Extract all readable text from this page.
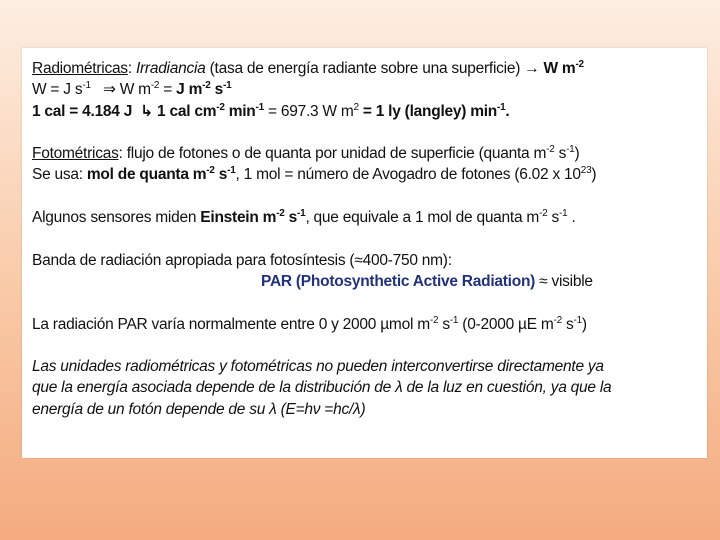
Radiométricas: Irradiancia (tasa de energía radiante sobre una superficie) → W $m^{-2}$
W = J $s^{-1}$ ⇒ W $m^{-2} = J$ $m^{-2}$ $s^{-1}$
1 cal = 4.184 J ↳ 1 cal $cm^{-2}$ $\min^{-1} = 697.3$ W $m^2 = 1$ ly (langley) $\min^{-1}$.
Fotométricas: flujo de fotones o de quanta por unidad de superficie (quanta $m^{-2}$ $s^{-1}$)
Se usa: mol de quanta $m^{-2}$ $s^{-1}$, 1 mol = número de Avogadro de fotones (6.02 x $10^{23}$)
Algunos sensores miden Einstein $m^{-2}$ $s^{-1}$, que equivale a 1 mol de quanta $m^{-2}$ $s^{-1}$ .
Banda de radiación apropiada para fotosíntesis (≈400-750 nm):
PAR (Photosynthetic Active Radiation) ≈ visible
La radiación PAR varía normalmente entre 0 y 2000 µmol $m^{-2}$ $s^{-1}$ (0-2000 µE $m^{-2}$ $s^{-1}$)
Las unidades radiométricas y fotométricas no pueden interconvertirse directamente ya
que la energía asociada depende de la distribución de λ de la luz en cuestión, ya que la
energía de un fotón depende de su λ (E=hν =hc/λ)
